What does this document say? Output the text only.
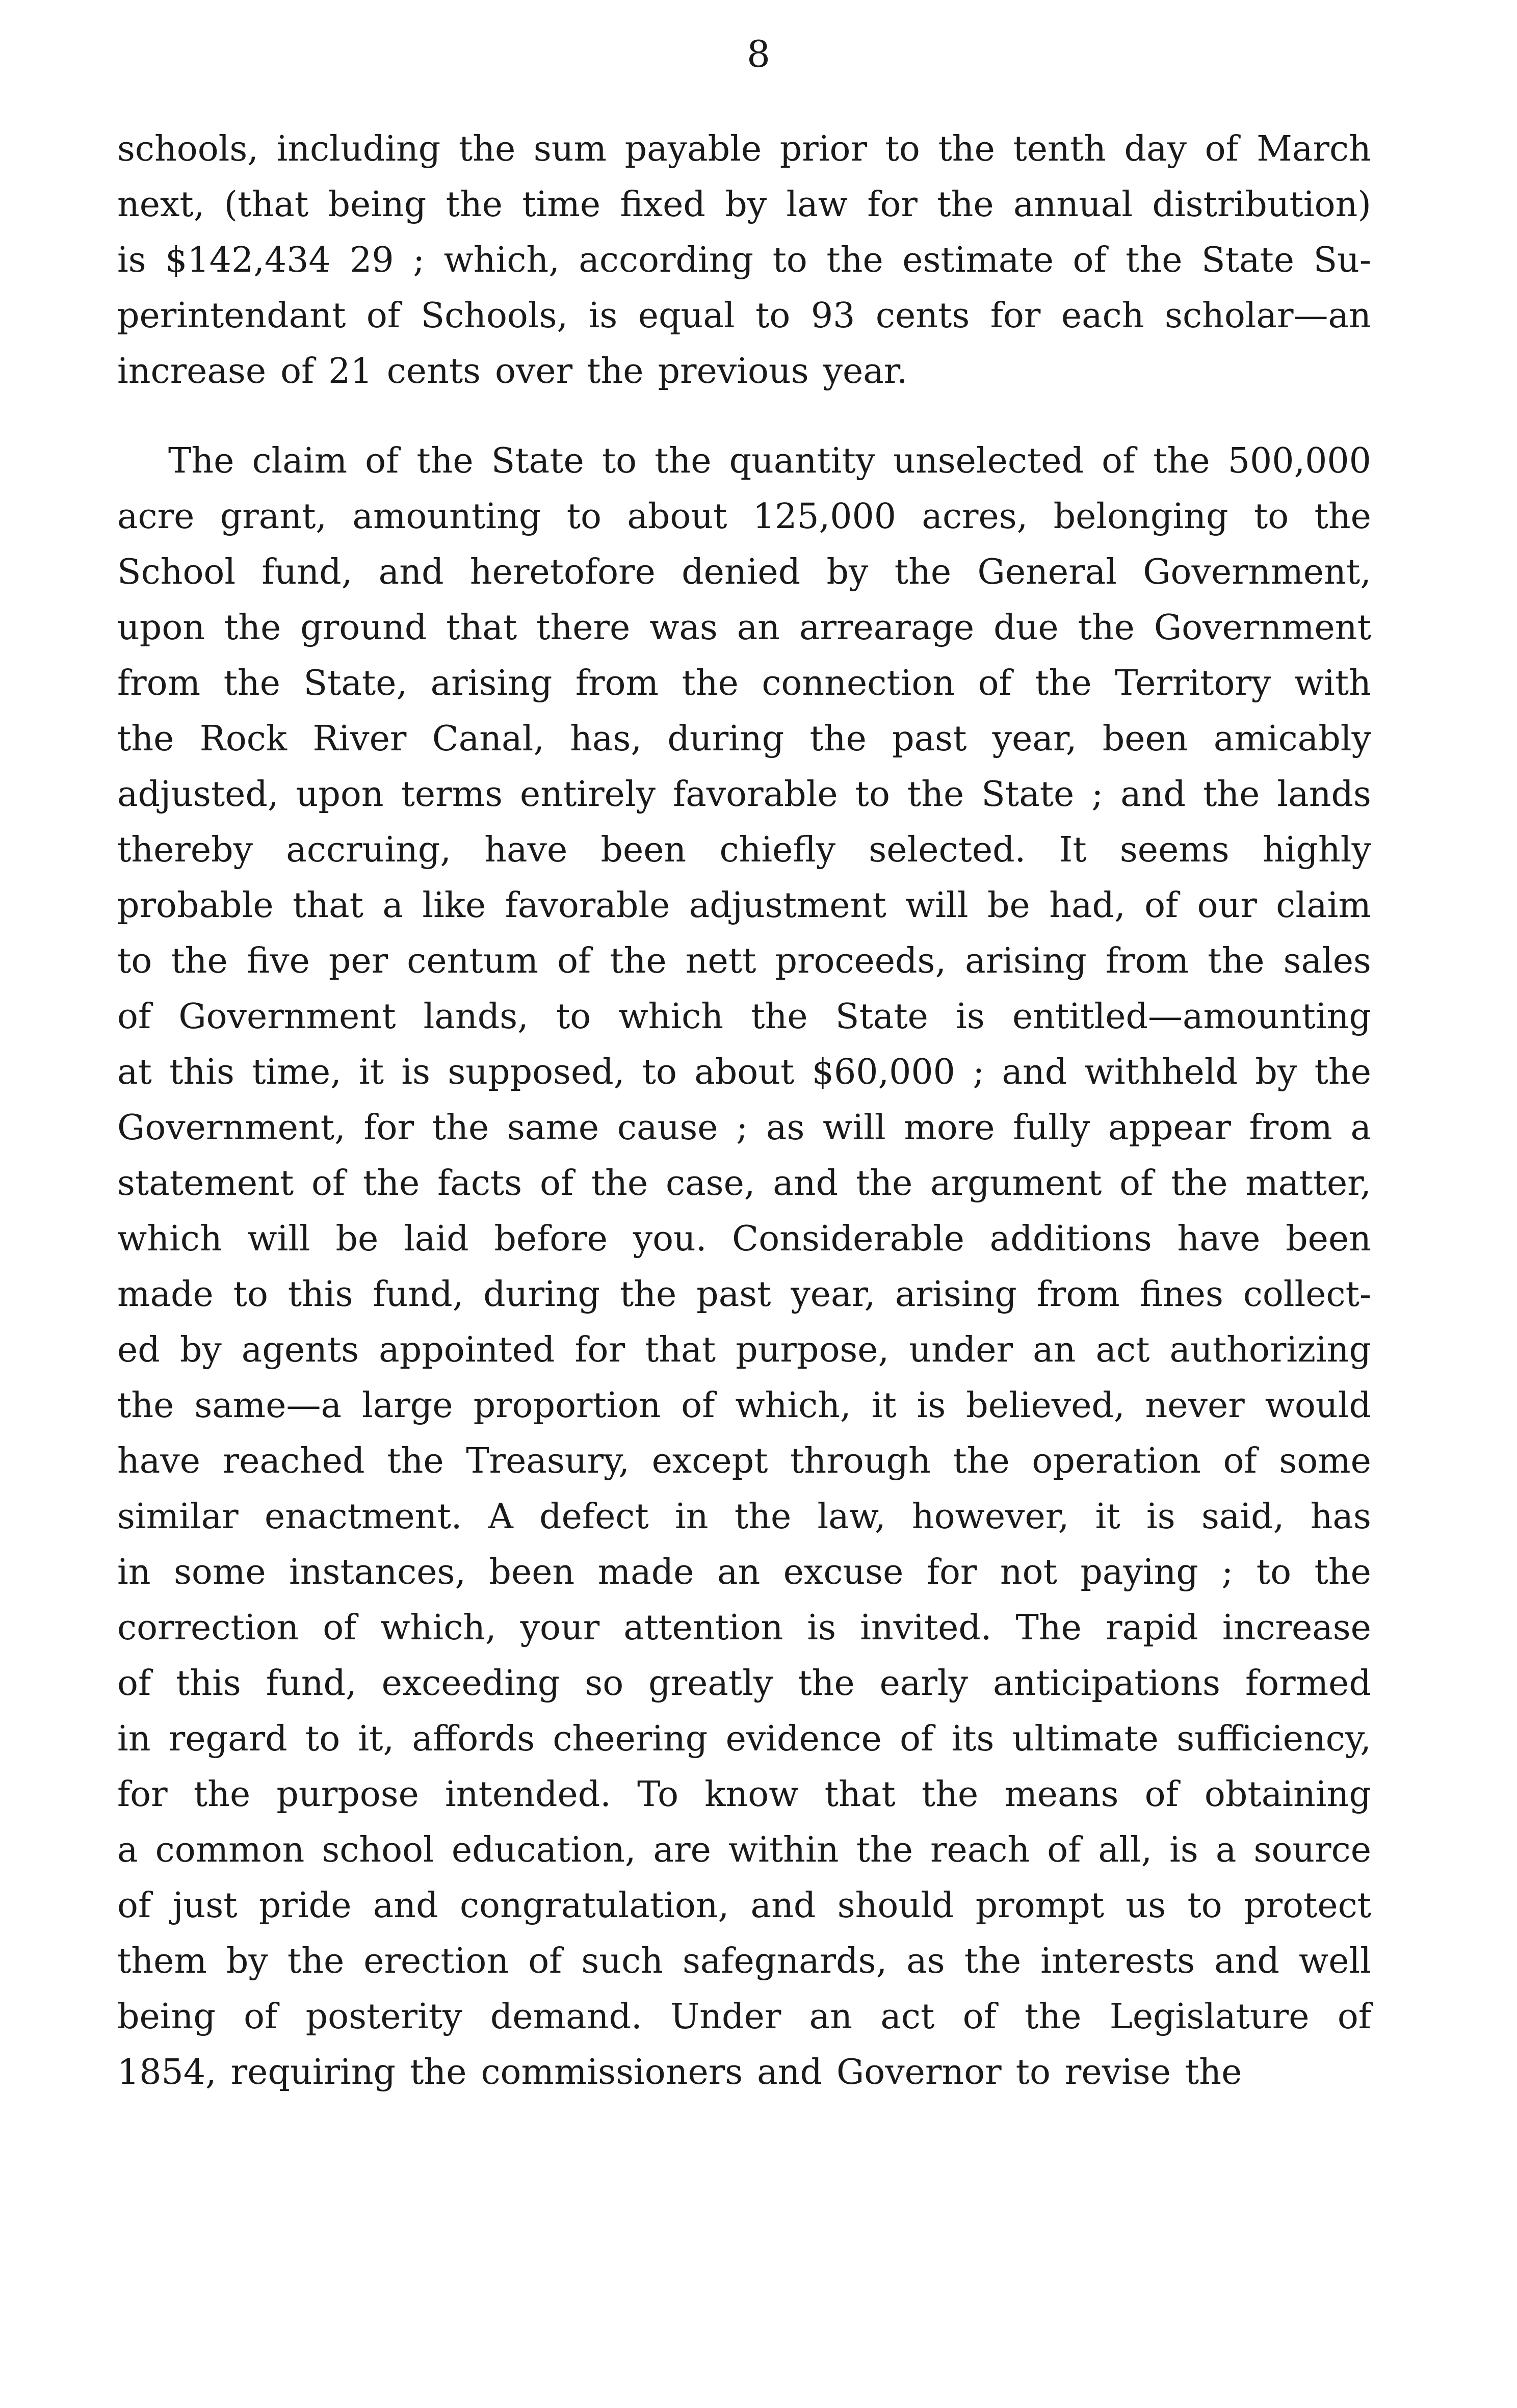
8
schools, including the sum payable prior to the tenth day of March
next, (that being the time fixed by law for the annual distribution)
is $142,434 29 ; which, according to the estimate of the State Su-
perintendant of Schools, is equal to 93 cents for each scholar—an
increase of 21 cents over the previous year.
The claim of the State to the quantity unselected of the 500,000
acre grant, amounting to about 125,000 acres, belonging to the
School fund, and heretofore denied by the General Government,
upon the ground that there was an arrearage due the Government
from the State, arising from the connection of the Territory with
the Rock River Canal, has, during the past year, been amicably
adjusted, upon terms entirely favorable to the State ; and the lands
thereby accruing, have been chiefly selected. It seems highly
probable that a like favorable adjustment will be had, of our claim
to the five per centum of the nett proceeds, arising from the sales
of Government lands, to which the State is entitled—amounting
at this time, it is supposed, to about $60,000 ; and withheld by the
Government, for the same cause ; as will more fully appear from a
statement of the facts of the case, and the argument of the matter,
which will be laid before you. Considerable additions have been
made to this fund, during the past year, arising from fines collect-
ed by agents appointed for that purpose, under an act authorizing
the same—a large proportion of which, it is believed, never would
have reached the Treasury, except through the operation of some
similar enactment. A defect in the law, however, it is said, has
in some instances, been made an excuse for not paying ; to the
correction of which, your attention is invited. The rapid increase
of this fund, exceeding so greatly the early anticipations formed
in regard to it, affords cheering evidence of its ultimate sufficiency,
for the purpose intended. To know that the means of obtaining
a common school education, are within the reach of all, is a source
of just pride and congratulation, and should prompt us to protect
them by the erection of such safegnards, as the interests and well
being of posterity demand. Under an act of the Legislature of
1854, requiring the commissioners and Governor to revise the
